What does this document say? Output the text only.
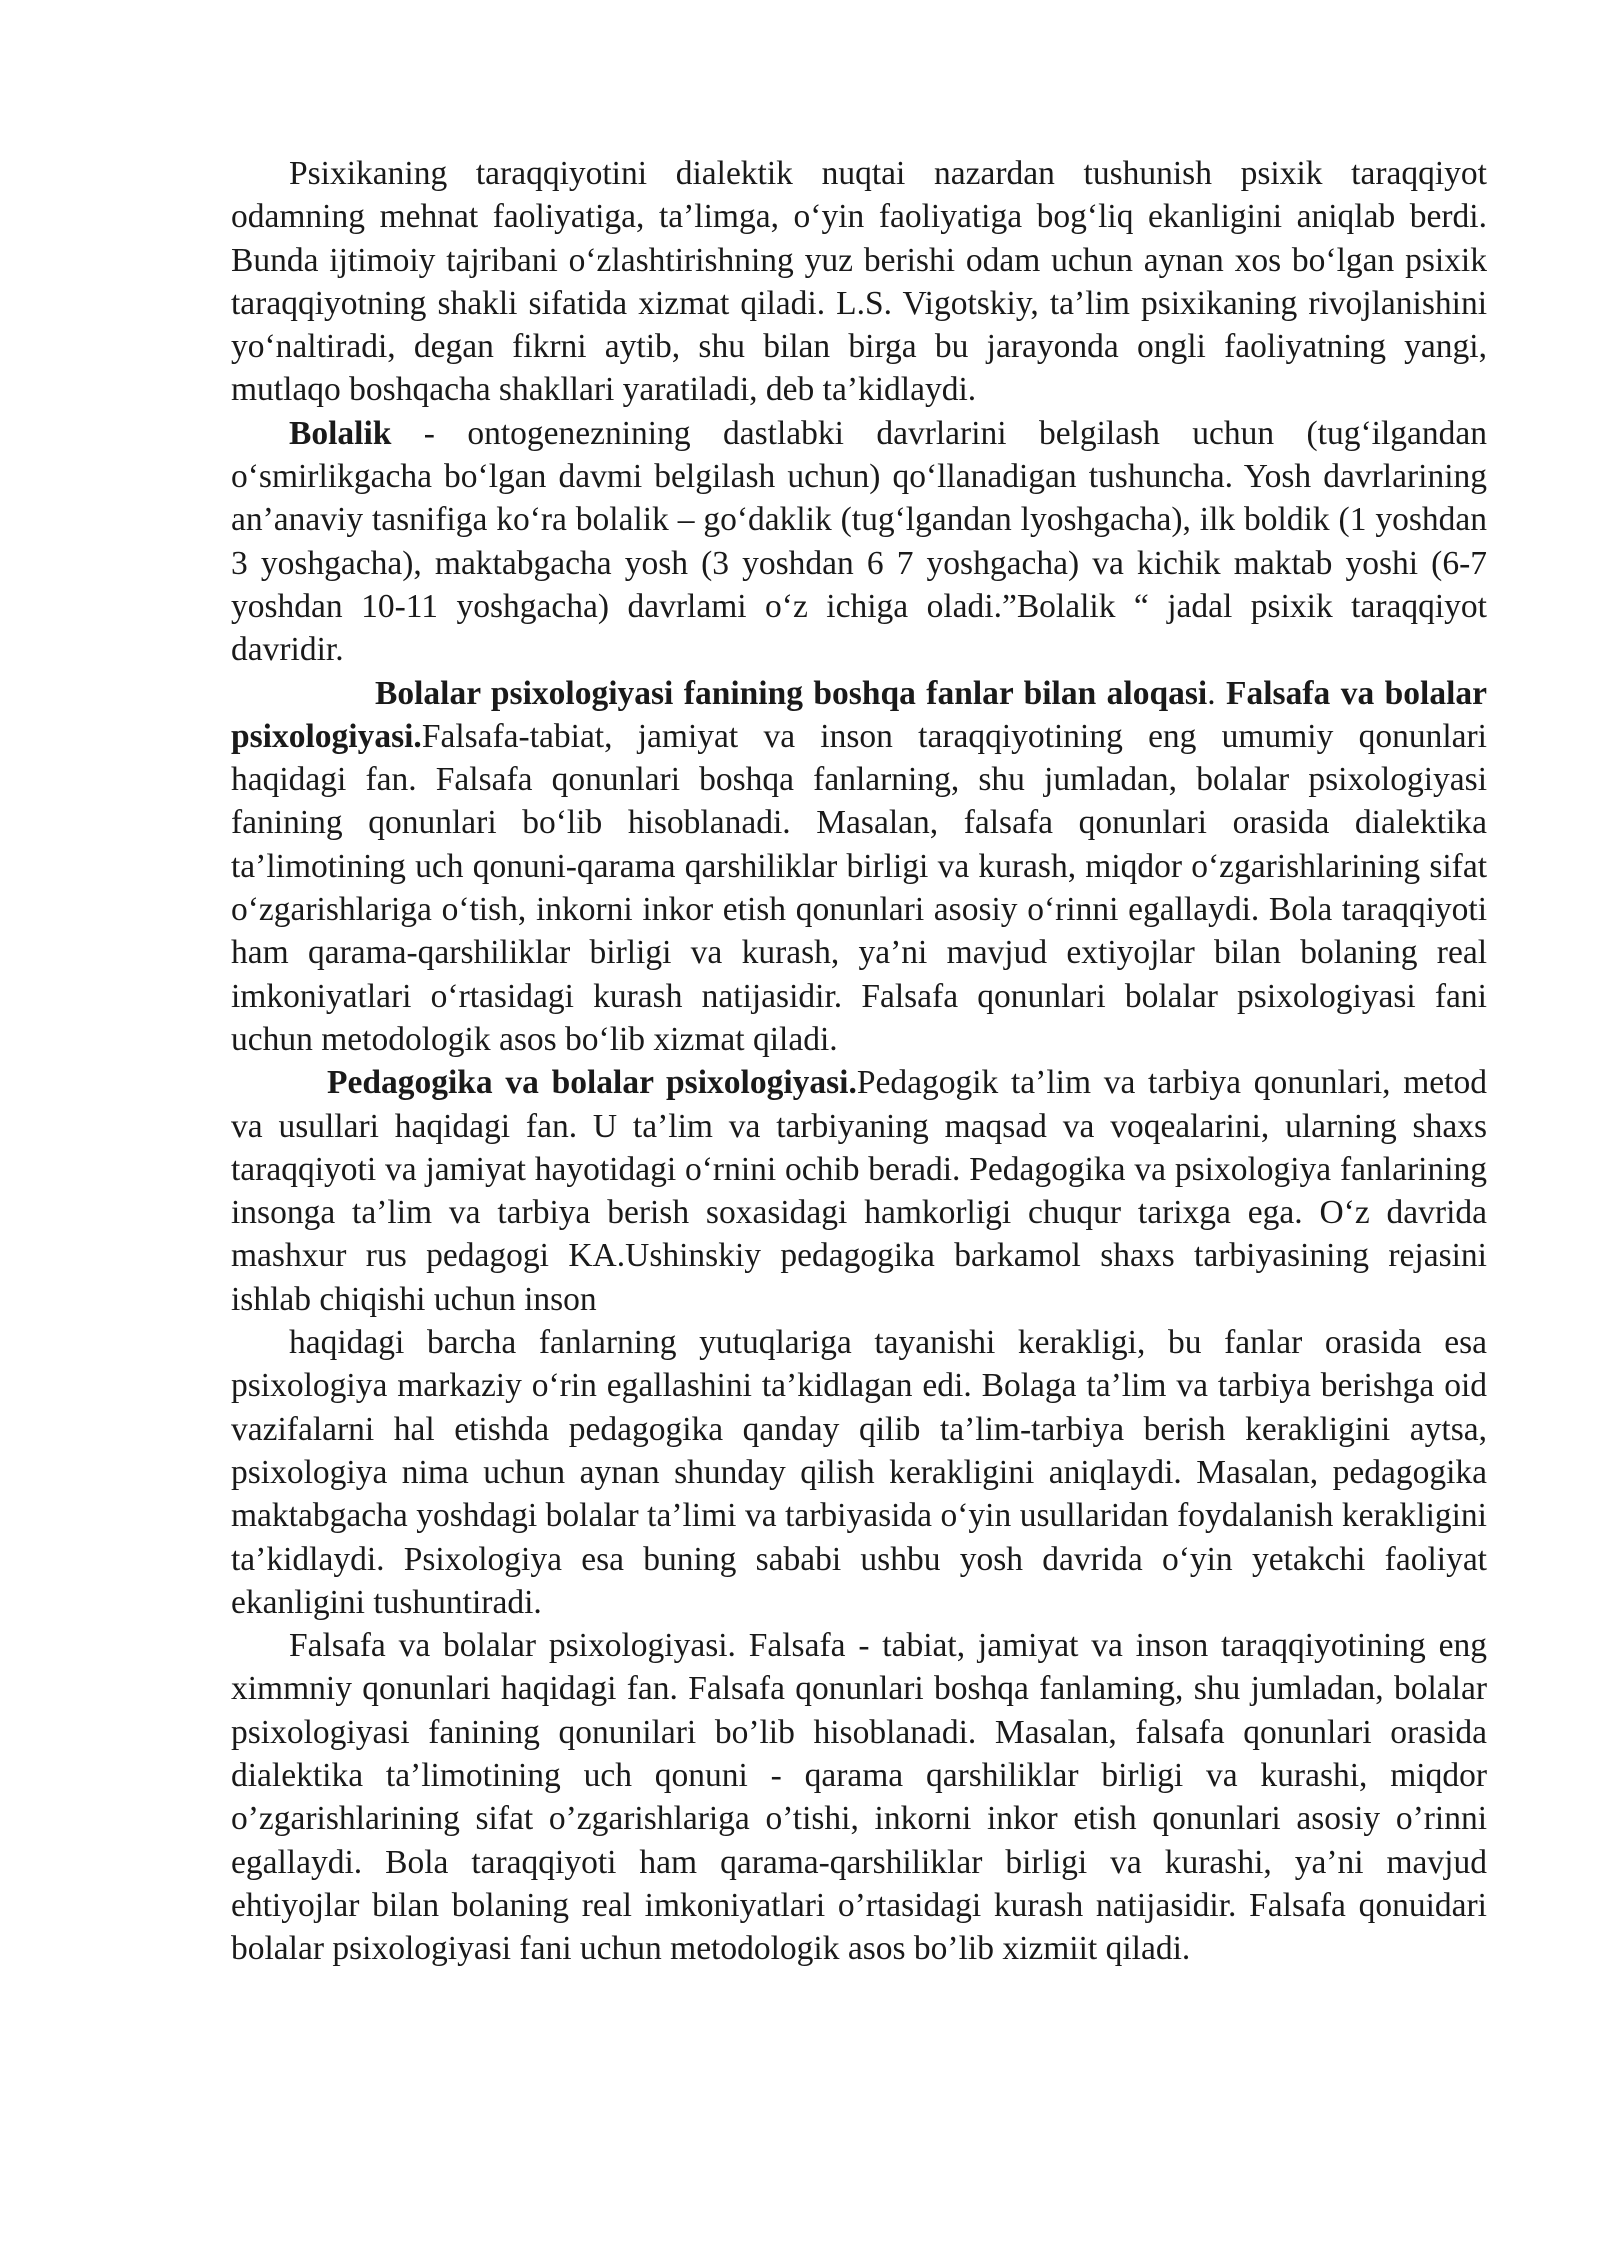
Psixikaning taraqqiyotini dialektik nuqtai nazardan tushunish psixik taraqqiyot odamning mehnat faoliyatiga, ta’limga, o‘yin faoliyatiga bog‘liq ekanligini aniqlab berdi. Bunda ijtimoiy tajribani o‘zlashtirishning yuz berishi odam uchun aynan xos bo‘lgan psixik taraqqiyotning shakli sifatida xizmat qiladi. L.S. Vigotskiy, ta’lim psixikaning rivojlanishini yo‘naltiradi, degan fikrni aytib, shu bilan birga bu jarayonda ongli faoliyatning yangi, mutlaqo boshqacha shakllari yaratiladi, deb ta’kidlaydi.

Bolalik - ontogeneznining dastlabki davrlarini belgilash uchun (tug‘ilgandan o‘smirlikgacha bo‘lgan davmi belgilash uchun) qo‘llanadigan tushuncha. Yosh davrlarining an’anaviy tasnifiga ko‘ra bolalik – go‘daklik (tug‘lgandan lyoshgacha), ilk boldik (1 yoshdan 3 yoshgacha), maktabgacha yosh (3 yoshdan 6 7 yoshgacha) va kichik maktab yoshi (6-7 yoshdan 10-11 yoshgacha) davrlami o‘z ichiga oladi.”Bolalik “ jadal psixik taraqqiyot davridir.

Bolalar psixologiyasi fanining boshqa fanlar bilan aloqasi. Falsafa va bolalar psixologiyasi.Falsafa-tabiat, jamiyat va inson taraqqiyotining eng umumiy qonunlari haqidagi fan. Falsafa qonunlari boshqa fanlarning, shu jumladan, bolalar psixologiyasi fanining qonunlari bo‘lib hisoblanadi. Masalan, falsafa qonunlari orasida dialektika ta’limotining uch qonuni-qarama qarshiliklar birligi va kurash, miqdor o‘zgarishlarining sifat o‘zgarishlariga o‘tish, inkorni inkor etish qonunlari asosiy o‘rinni egallaydi. Bola taraqqiyoti ham qarama-qarshiliklar birligi va kurash, ya’ni mavjud extiyojlar bilan bolaning real imkoniyatlari o‘rtasidagi kurash natijasidir. Falsafa qonunlari bolalar psixologiyasi fani uchun metodologik asos bo‘lib xizmat qiladi.

Pedagogika va bolalar psixologiyasi.Pedagogik ta’lim va tarbiya qonunlari, metod va usullari haqidagi fan. U ta’lim va tarbiyaning maqsad va voqealarini, ularning shaxs taraqqiyoti va jamiyat hayotidagi o‘rnini ochib beradi. Pedagogika va psixologiya fanlarining insonga ta’lim va tarbiya berish soxasidagi hamkorligi chuqur tarixga ega. O‘z davrida mashxur rus pedagogi KA.Ushinskiy pedagogika barkamol shaxs tarbiyasining rejasini ishlab chiqishi uchun inson

haqidagi barcha fanlarning yutuqlariga tayanishi kerakligi, bu fanlar orasida esa psixologiya markaziy o‘rin egallashini ta’kidlagan edi. Bolaga ta’lim va tarbiya berishga oid vazifalarni hal etishda pedagogika qanday qilib ta’lim-tarbiya berish kerakligini aytsa, psixologiya nima uchun aynan shunday qilish kerakligini aniqlaydi. Masalan, pedagogika maktabgacha yoshdagi bolalar ta’limi va tarbiyasida o‘yin usullaridan foydalanish kerakligini ta’kidlaydi. Psixologiya esa buning sababi ushbu yosh davrida o‘yin yetakchi faoliyat ekanligini tushuntiradi.

Falsafa va bolalar psixologiyasi. Falsafa - tabiat, jamiyat va inson taraqqiyotining eng ximmniy qonunlari haqidagi fan. Falsafa qonunlari boshqa fanlaming, shu jumladan, bolalar psixologiyasi fanining qonunilari bo’lib hisoblanadi. Masalan, falsafa qonunlari orasida dialektika ta’limotining uch qonuni - qarama qarshiliklar birligi va kurashi, miqdor o’zgarishlarining sifat o’zgarishlariga o’tishi, inkorni inkor etish qonunlari asosiy o’rinni egallaydi. Bola taraqqiyoti ham qarama-qarshiliklar birligi va kurashi, ya’ni mavjud ehtiyojlar bilan bolaning real imkoniyatlari o’rtasidagi kurash natijasidir. Falsafa qonuidari bolalar psixologiyasi fani uchun metodologik asos bo’lib xizmiit qiladi.
